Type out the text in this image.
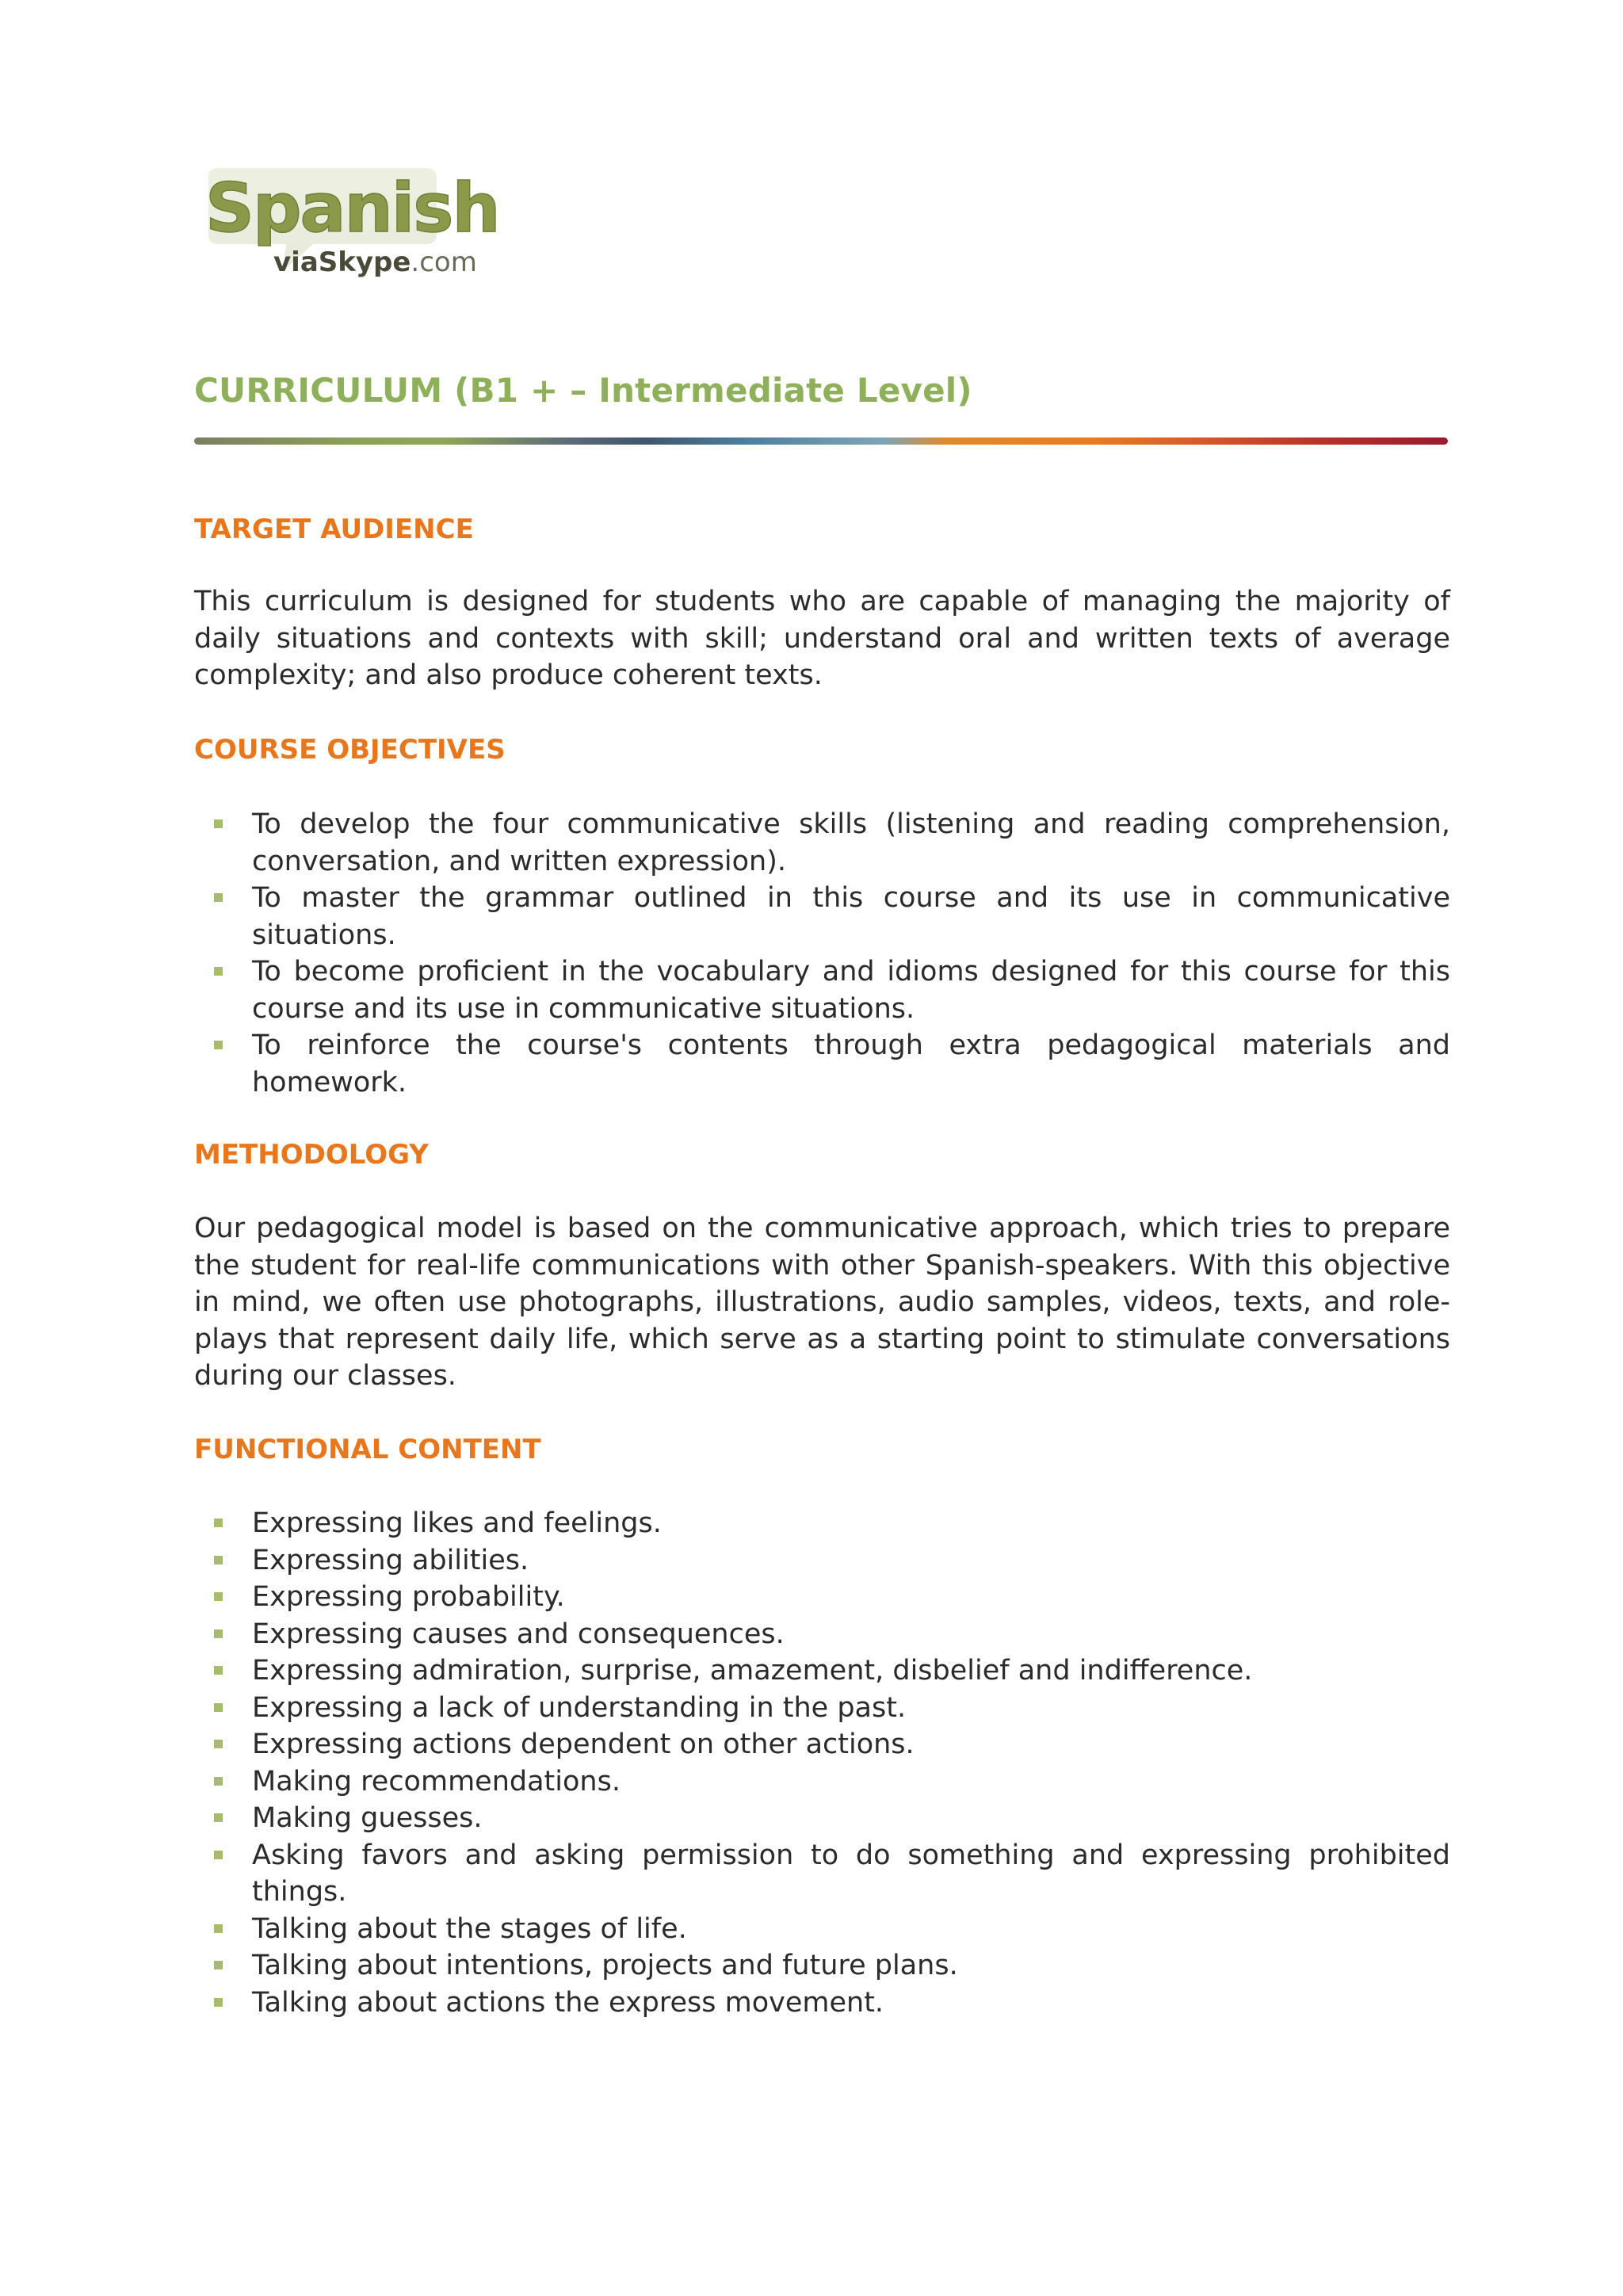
Spanish
viaSkype.com
CURRICULUM (B1 + – Intermediate Level)
TARGET AUDIENCE
This curriculum is designed for students who are capable of managing the majority of daily situations and contexts with skill; understand oral and written texts of average complexity; and also produce coherent texts.
COURSE OBJECTIVES
To develop the four communicative skills (listening and reading comprehension, conversation, and written expression).
To master the grammar outlined in this course and its use in communicative situations.
To become proficient in the vocabulary and idioms designed for this course for this course and its use in communicative situations.
To reinforce the course's contents through extra pedagogical materials and homework.
METHODOLOGY
Our pedagogical model is based on the communicative approach, which tries to prepare the student for real-life communications with other Spanish-speakers. With this objective in mind, we often use photographs, illustrations, audio samples, videos, texts, and role-plays that represent daily life, which serve as a starting point to stimulate conversations during our classes.
FUNCTIONAL CONTENT
Expressing likes and feelings.
Expressing abilities.
Expressing probability.
Expressing causes and consequences.
Expressing admiration, surprise, amazement, disbelief and indifference.
Expressing a lack of understanding in the past.
Expressing actions dependent on other actions.
Making recommendations.
Making guesses.
Asking favors and asking permission to do something and expressing prohibited things.
Talking about the stages of life.
Talking about intentions, projects and future plans.
Talking about actions the express movement.
